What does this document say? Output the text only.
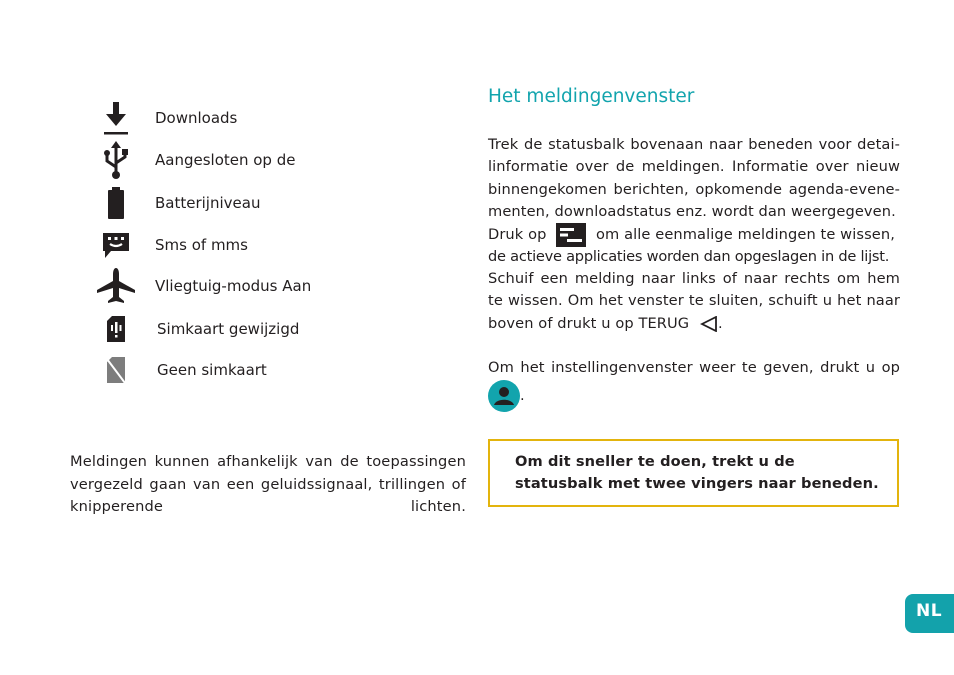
Downloads
Aangesloten op de
Batterijniveau
Sms of mms
Vliegtuig-modus Aan
Simkaart gewijzigd
Geen simkaart
Meldingen kunnen afhankelijk van de toepassingen vergezeld gaan van een geluidssignaal, trillingen of knipperende lichten.
Het meldingenvenster
Trek de statusbalk bovenaan naar beneden voor detai-
linformatie over de meldingen. Informatie over nieuw
binnengekomen berichten, opkomende agenda-evene-
menten, downloadstatus enz. wordt dan weergegeven.
Druk op	om alle eenmalige meldingen te wissen,
de actieve applicaties worden dan opgeslagen in de lijst.
Schuif een melding naar links of naar rechts om hem
te wissen. Om het venster te sluiten, schuift u het naar
boven of drukt u op TERUG .
Om het instellingenvenster weer te geven, drukt u op
.
Om dit sneller te doen, trekt u de statusbalk met twee vingers naar beneden.
NL
